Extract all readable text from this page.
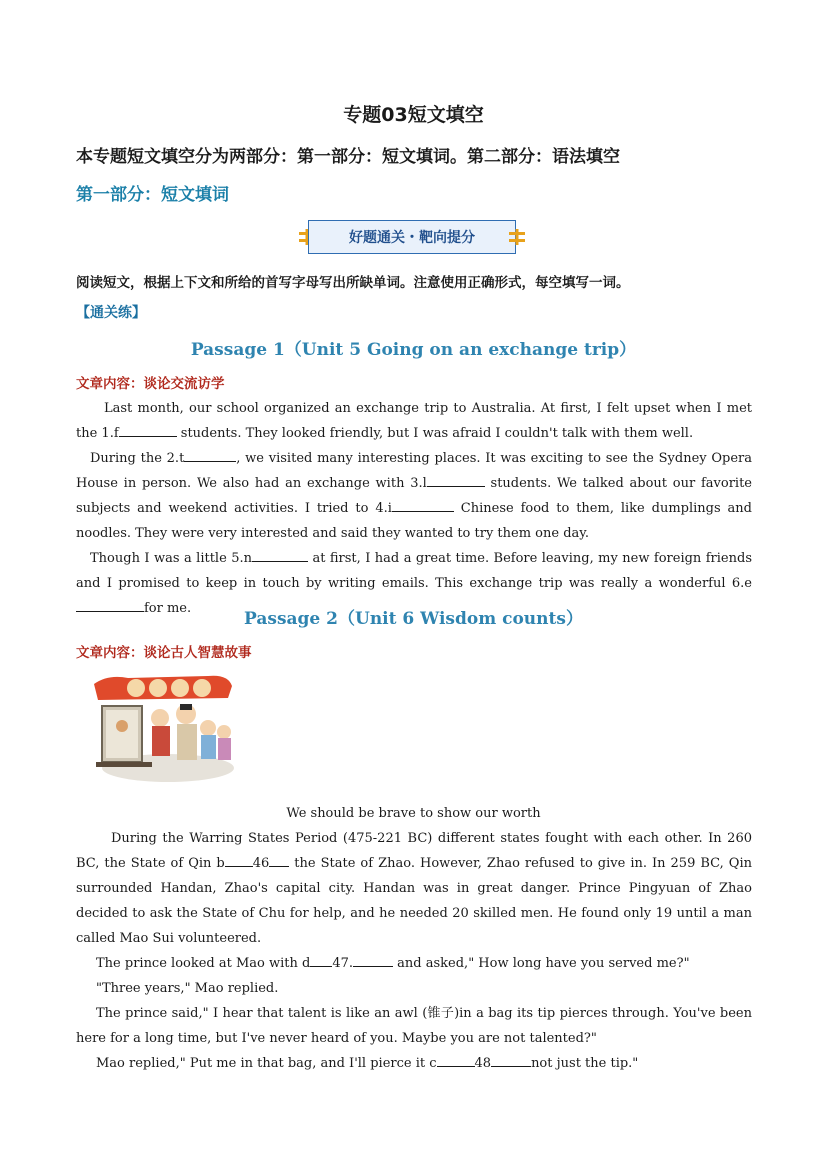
专题03短文填空
本专题短文填空分为两部分：第一部分：短文填词。第二部分：语法填空
第一部分：短文填词
好题通关・靶向提分
阅读短文，根据上下文和所给的首写字母写出所缺单词。注意使用正确形式，每空填写一词。
【通关练】
Passage 1（Unit 5 Going on an exchange trip）
文章内容：谈论交流访学

Last month, our school organized an exchange trip to Australia. At first, I felt upset when I met the 1.f	students. They looked friendly, but I was afraid I couldn't talk with them well.

During the 2.t	, we visited many interesting places. It was exciting to see the Sydney Opera House in person. We also had an exchange with 3.l	students. We talked about our favorite subjects and weekend activities. I tried to 4.i	Chinese food to them, like dumplings and noodles. They were very interested and said they wanted to try them one day.

Though I was a little 5.n	at first, I had a great time. Before leaving, my new foreign friends and I promised to keep in touch by writing emails. This exchange trip was really a wonderful 6.efor me.

Passage 2（Unit 6 Wisdom counts）
文章内容：谈论古人智慧故事
We should be brave to show our worth

During the Warring States Period (475-221 BC) different states fought with each other. In 260 BC, the State of Qin b 46 the State of Zhao. However, Zhao refused to give in. In 259 BC, Qin surrounded Handan, Zhao's capital city. Handan was in great danger. Prince Pingyuan of Zhao decided to ask the State of Chu for help, and he needed 20 skilled men. He found only 19 until a man called Mao Sui volunteered.

The prince looked at Mao with d 47.	and asked," How long have you served me?"

"Three years," Mao replied.

The prince said," I hear that talent is like an awl (锥子)in a bag its tip pierces through. You've been here for a long time, but I've never heard of you. Maybe you are not talented?"

Mao replied," Put me in that bag, and I'll pierce it c	48	not just the tip."
